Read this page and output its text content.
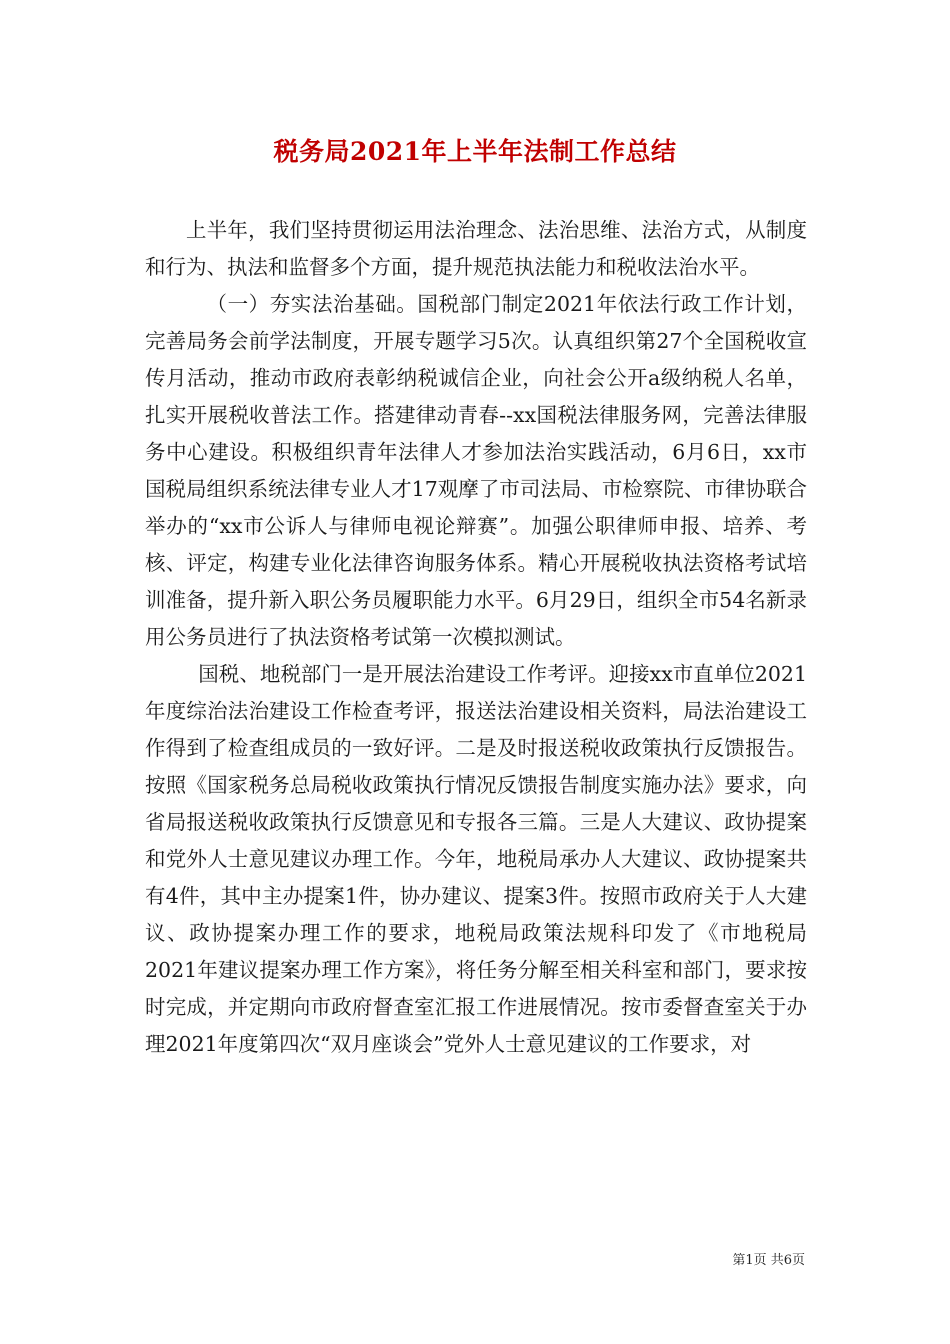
税务局2021年上半年法制工作总结

上半年，我们坚持贯彻运用法治理念、法治思维、法治方式，从制度和行为、执法和监督多个方面，提升规范执法能力和税收法治水平。

（一）夯实法治基础。国税部门制定2021年依法行政工作计划，完善局务会前学法制度，开展专题学习5次。认真组织第27个全国税收宣传月活动，推动市政府表彰纳税诚信企业，向社会公开a级纳税人名单，扎实开展税收普法工作。搭建律动青春--xx国税法律服务网，完善法律服务中心建设。积极组织青年法律人才参加法治实践活动，6月6日，xx市国税局组织系统法律专业人才17观摩了市司法局、市检察院、市律协联合举办的“xx市公诉人与律师电视论辩赛”。加强公职律师申报、培养、考核、评定，构建专业化法律咨询服务体系。精心开展税收执法资格考试培训准备，提升新入职公务员履职能力水平。6月29日，组织全市54名新录用公务员进行了执法资格考试第一次模拟测试。

国税、地税部门一是开展法治建设工作考评。迎接xx市直单位2021年度综治法治建设工作检查考评，报送法治建设相关资料，局法治建设工作得到了检查组成员的一致好评。二是及时报送税收政策执行反馈报告。按照《国家税务总局税收政策执行情况反馈报告制度实施办法》要求，向省局报送税收政策执行反馈意见和专报各三篇。三是人大建议、政协提案和党外人士意见建议办理工作。今年，地税局承办人大建议、政协提案共有4件，其中主办提案1件，协办建议、提案3件。按照市政府关于人大建议、政协提案办理工作的要求，地税局政策法规科印发了《市地税局2021年建议提案办理工作方案》，将任务分解至相关科室和部门，要求按时完成，并定期向市政府督查室汇报工作进展情况。按市委督查室关于办理2021年度第四次“双月座谈会”党外人士意见建议的工作要求，对

第1页 共6页
